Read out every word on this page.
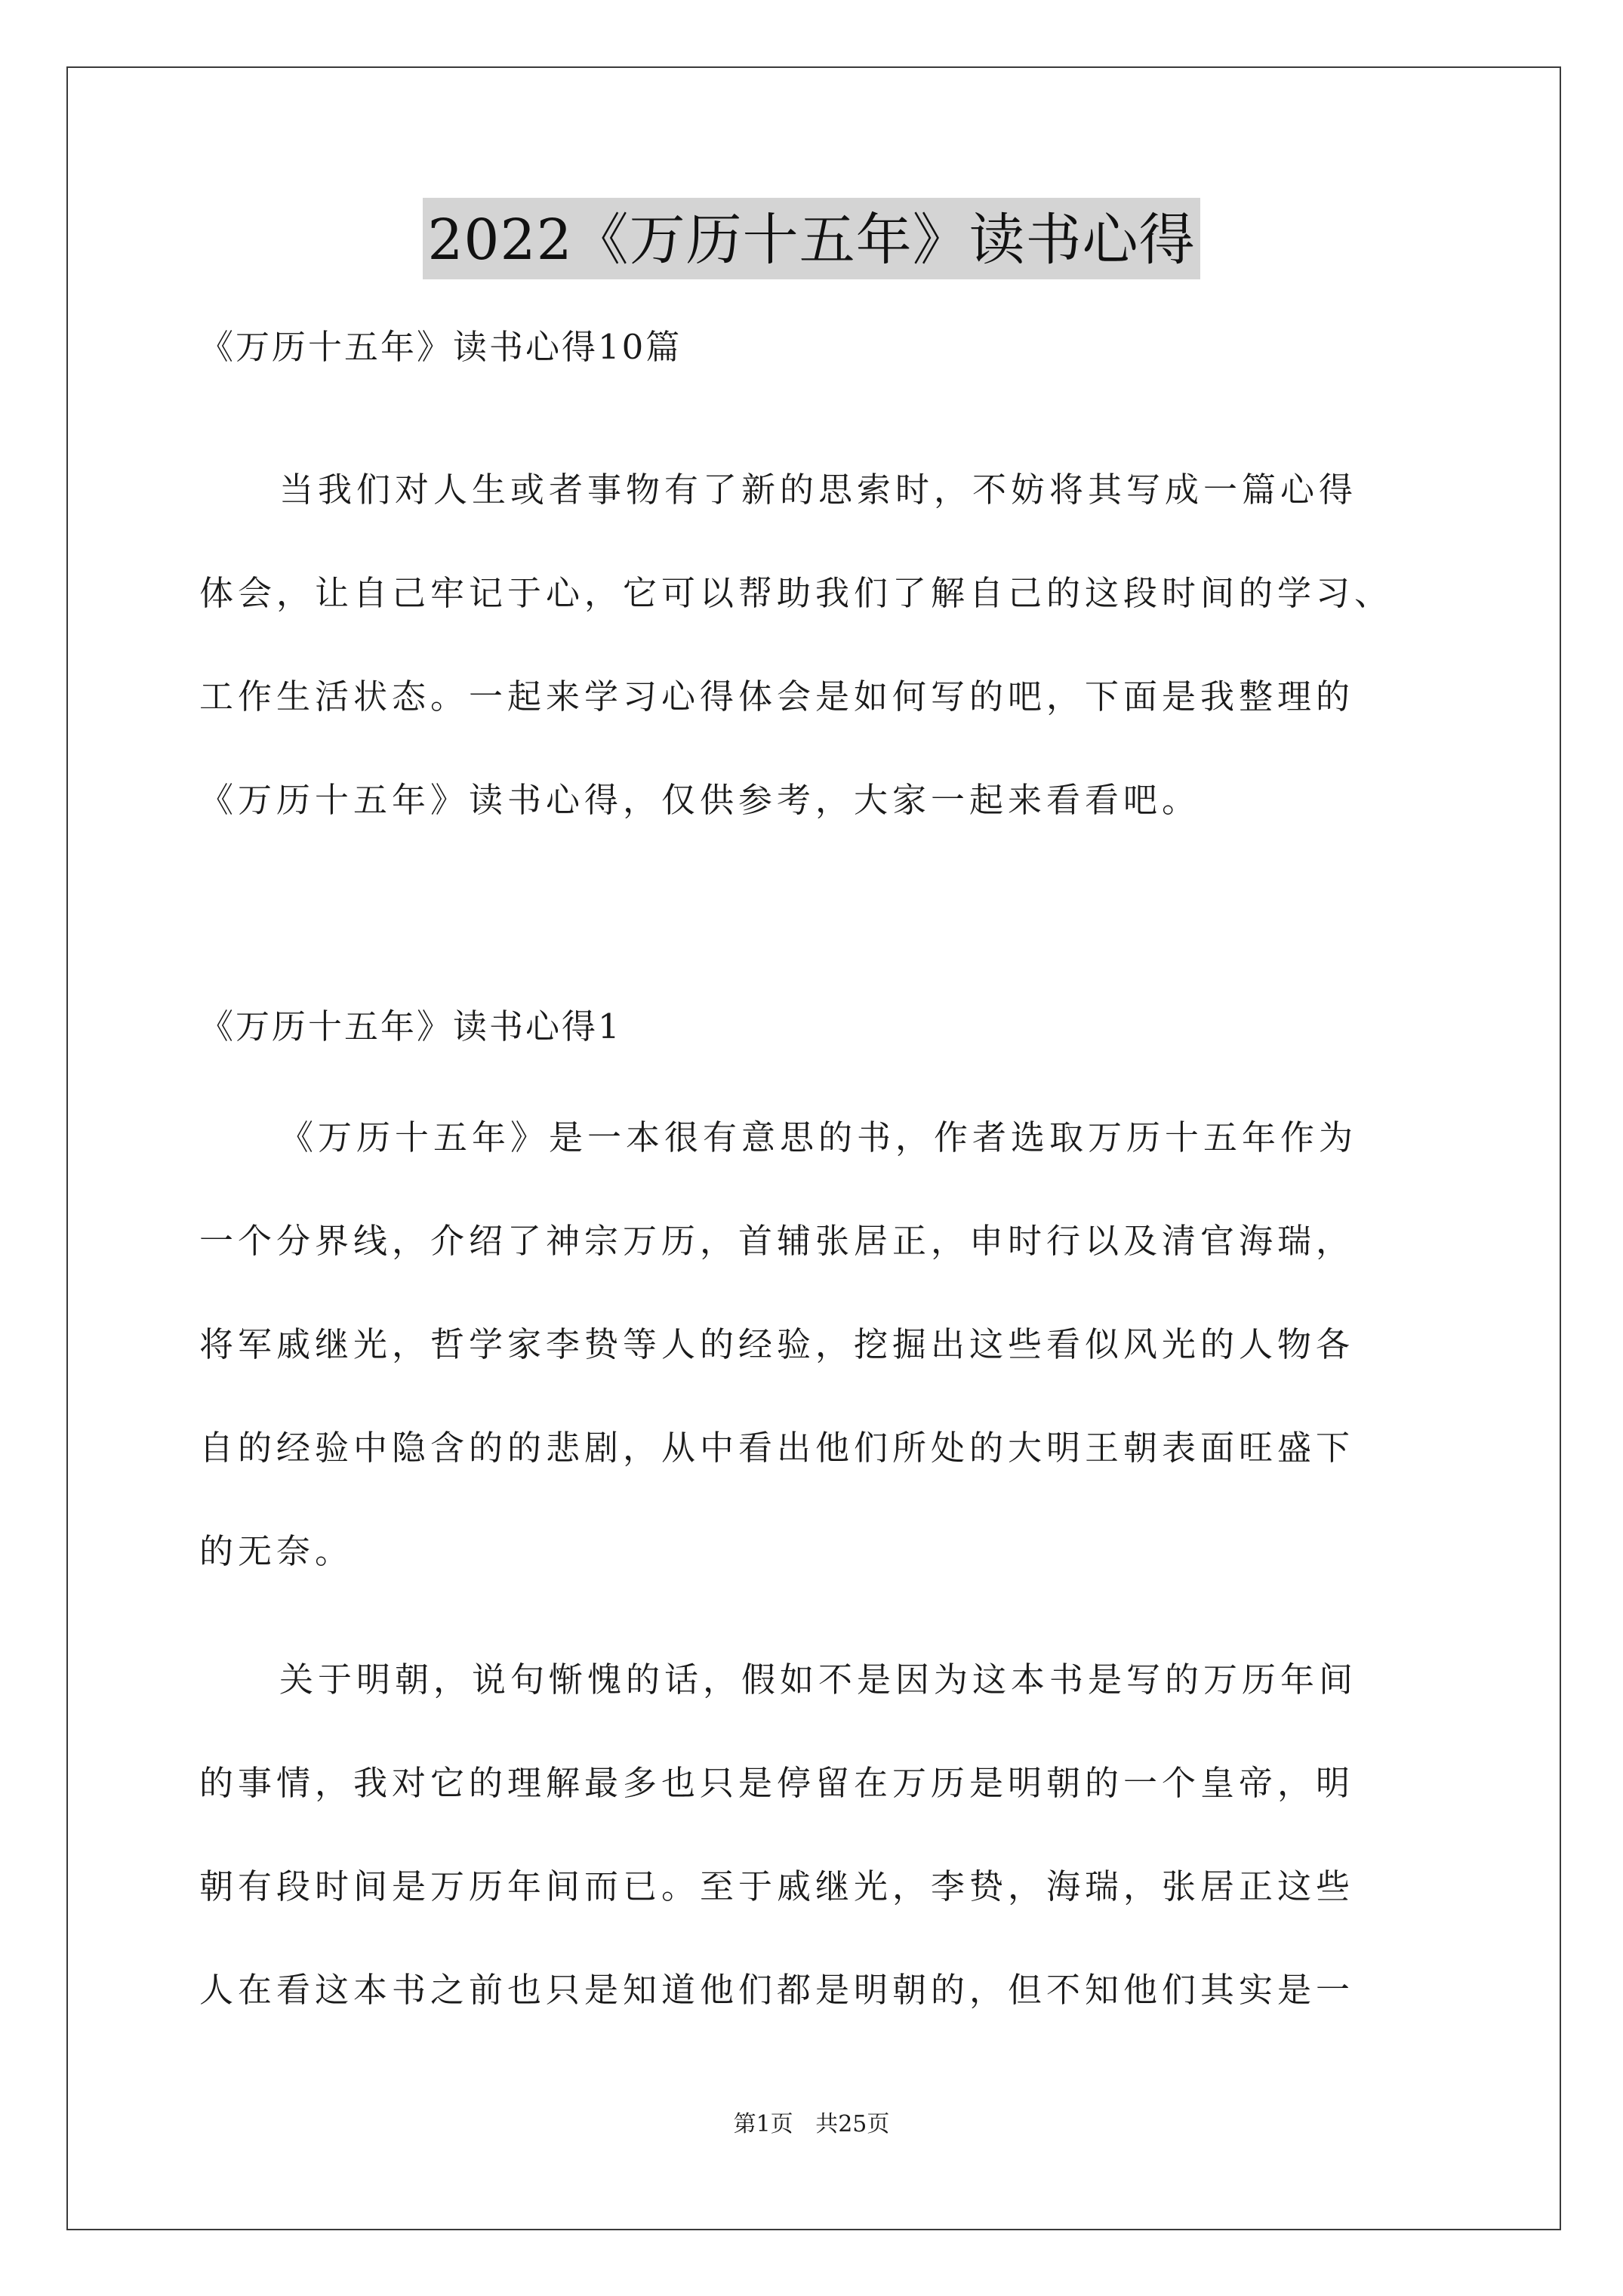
2022《万历十五年》读书心得
《万历十五年》读书心得10篇
当我们对人生或者事物有了新的思索时，不妨将其写成一篇心得
体会，让自己牢记于心，它可以帮助我们了解自己的这段时间的学习、
工作生活状态。一起来学习心得体会是如何写的吧，下面是我整理的
《万历十五年》读书心得，仅供参考，大家一起来看看吧。
《万历十五年》读书心得1
《万历十五年》是一本很有意思的书，作者选取万历十五年作为
一个分界线，介绍了神宗万历，首辅张居正，申时行以及清官海瑞，
将军戚继光，哲学家李贽等人的经验，挖掘出这些看似风光的人物各
自的经验中隐含的的悲剧，从中看出他们所处的大明王朝表面旺盛下
的无奈。
关于明朝，说句惭愧的话，假如不是因为这本书是写的万历年间
的事情，我对它的理解最多也只是停留在万历是明朝的一个皇帝，明
朝有段时间是万历年间而已。至于戚继光，李贽，海瑞，张居正这些
人在看这本书之前也只是知道他们都是明朝的，但不知他们其实是一
第1页 共25页
